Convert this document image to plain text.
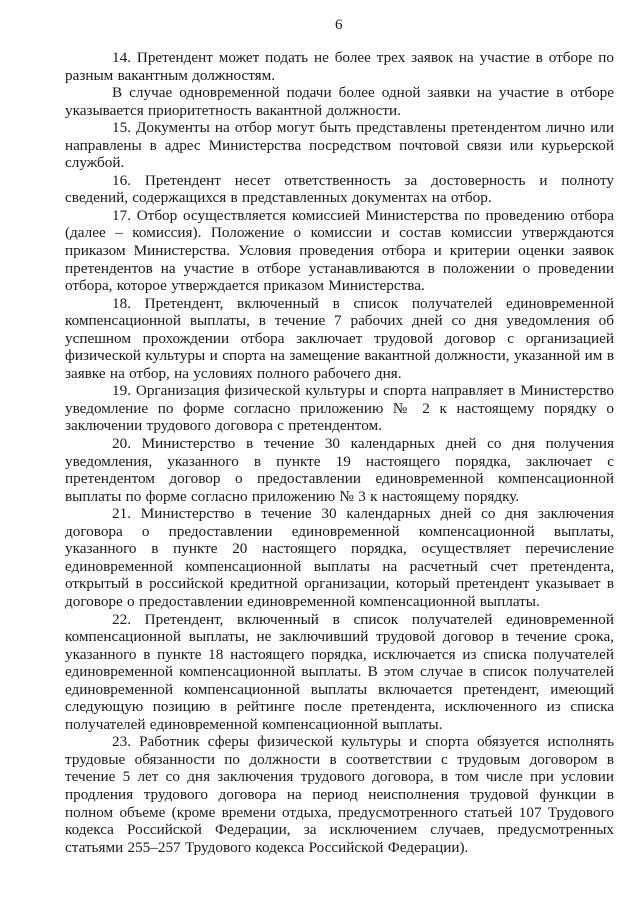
6

14. Претендент может подать не более трех заявок на участие в отборе по разным вакантным должностям.

В случае одновременной подачи более одной заявки на участие в отборе указывается приоритетность вакантной должности.

15. Документы на отбор могут быть представлены претендентом лично или направлены в адрес Министерства посредством почтовой связи или курьерской службой.

16. Претендент несет ответственность за достоверность и полноту сведений, содержащихся в представленных документах на отбор.

17. Отбор осуществляется комиссией Министерства по проведению отбора (далее – комиссия). Положение о комиссии и состав комиссии утверждаются приказом Министерства. Условия проведения отбора и критерии оценки заявок претендентов на участие в отборе устанавливаются в положении о проведении отбора, которое утверждается приказом Министерства.

18. Претендент, включенный в список получателей единовременной компенсационной выплаты, в течение 7 рабочих дней со дня уведомления об успешном прохождении отбора заключает трудовой договор с организацией физической культуры и спорта на замещение вакантной должности, указанной им в заявке на отбор, на условиях полного рабочего дня.

19. Организация физической культуры и спорта направляет в Министерство уведомление по форме согласно приложению № 2 к настоящему порядку о заключении трудового договора с претендентом.

20. Министерство в течение 30 календарных дней со дня получения уведомления, указанного в пункте 19 настоящего порядка, заключает с претендентом договор о предоставлении единовременной компенсационной выплаты по форме согласно приложению № 3 к настоящему порядку.

21. Министерство в течение 30 календарных дней со дня заключения договора о предоставлении единовременной компенсационной выплаты, указанного в пункте 20 настоящего порядка, осуществляет перечисление единовременной компенсационной выплаты на расчетный счет претендента, открытый в российской кредитной организации, который претендент указывает в договоре о предоставлении единовременной компенсационной выплаты.

22. Претендент, включенный в список получателей единовременной компенсационной выплаты, не заключивший трудовой договор в течение срока, указанного в пункте 18 настоящего порядка, исключается из списка получателей единовременной компенсационной выплаты. В этом случае в список получателей единовременной компенсационной выплаты включается претендент, имеющий следующую позицию в рейтинге после претендента, исключенного из списка получателей единовременной компенсационной выплаты.

23. Работник сферы физической культуры и спорта обязуется исполнять трудовые обязанности по должности в соответствии с трудовым договором в течение 5 лет со дня заключения трудового договора, в том числе при условии продления трудового договора на период неисполнения трудовой функции в полном объеме (кроме времени отдыха, предусмотренного статьей 107 Трудового кодекса Российской Федерации, за исключением случаев, предусмотренных статьями 255–257 Трудового кодекса Российской Федерации).
